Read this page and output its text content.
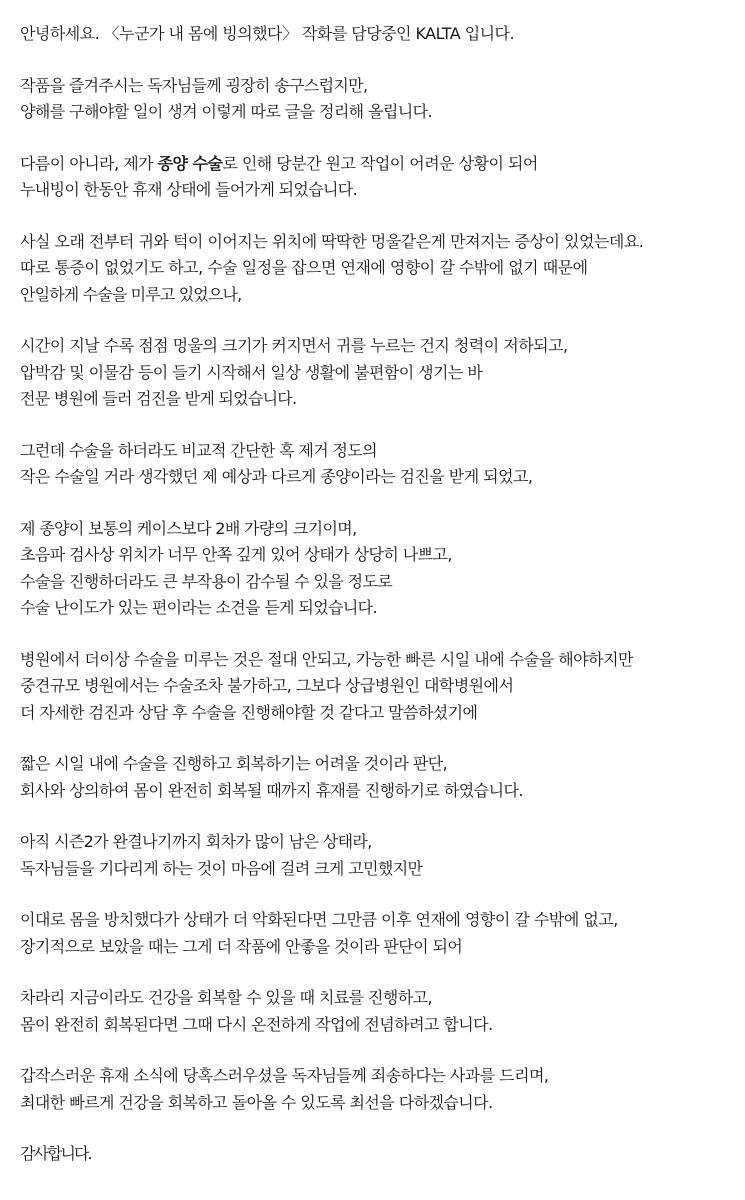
안녕하세요. 〈누군가 내 몸에 빙의했다〉 작화를 담당중인 KALTA 입니다.
작품을 즐겨주시는 독자님들께 굉장히 송구스럽지만,
양해를 구해야할 일이 생겨 이렇게 따로 글을 정리해 올립니다.
다름이 아니라, 제가 종양 수술로 인해 당분간 원고 작업이 어려운 상황이 되어
누내빙이 한동안 휴재 상태에 들어가게 되었습니다.
사실 오래 전부터 귀와 턱이 이어지는 위치에 딱딱한 멍울같은게 만져지는 증상이 있었는데요.
따로 통증이 없었기도 하고, 수술 일정을 잡으면 연재에 영향이 갈 수밖에 없기 때문에
안일하게 수술을 미루고 있었으나,
시간이 지날 수록 점점 멍울의 크기가 커지면서 귀를 누르는 건지 청력이 저하되고,
압박감 및 이물감 등이 들기 시작해서 일상 생활에 불편함이 생기는 바
전문 병원에 들러 검진을 받게 되었습니다.
그런데 수술을 하더라도 비교적 간단한 혹 제거 정도의
작은 수술일 거라 생각했던 제 예상과 다르게 종양이라는 검진을 받게 되었고,
제 종양이 보통의 케이스보다 2배 가량의 크기이며,
초음파 검사상 위치가 너무 안쪽 깊게 있어 상태가 상당히 나쁘고,
수술을 진행하더라도 큰 부작용이 감수될 수 있을 정도로
수술 난이도가 있는 편이라는 소견을 듣게 되었습니다.
병원에서 더이상 수술을 미루는 것은 절대 안되고, 가능한 빠른 시일 내에 수술을 해야하지만
중견규모 병원에서는 수술조차 불가하고, 그보다 상급병원인 대학병원에서
더 자세한 검진과 상담 후 수술을 진행해야할 것 같다고 말씀하셨기에
짧은 시일 내에 수술을 진행하고 회복하기는 어려울 것이라 판단,
회사와 상의하여 몸이 완전히 회복될 때까지 휴재를 진행하기로 하였습니다.
아직 시즌2가 완결나기까지 회차가 많이 남은 상태라,
독자님들을 기다리게 하는 것이 마음에 걸려 크게 고민했지만
이대로 몸을 방치했다가 상태가 더 악화된다면 그만큼 이후 연재에 영향이 갈 수밖에 없고,
장기적으로 보았을 때는 그게 더 작품에 안좋을 것이라 판단이 되어
차라리 지금이라도 건강을 회복할 수 있을 때 치료를 진행하고,
몸이 완전히 회복된다면 그때 다시 온전하게 작업에 전념하려고 합니다.
갑작스러운 휴재 소식에 당혹스러우셨을 독자님들께 죄송하다는 사과를 드리며,
최대한 빠르게 건강을 회복하고 돌아올 수 있도록 최선을 다하겠습니다.
감사합니다.
